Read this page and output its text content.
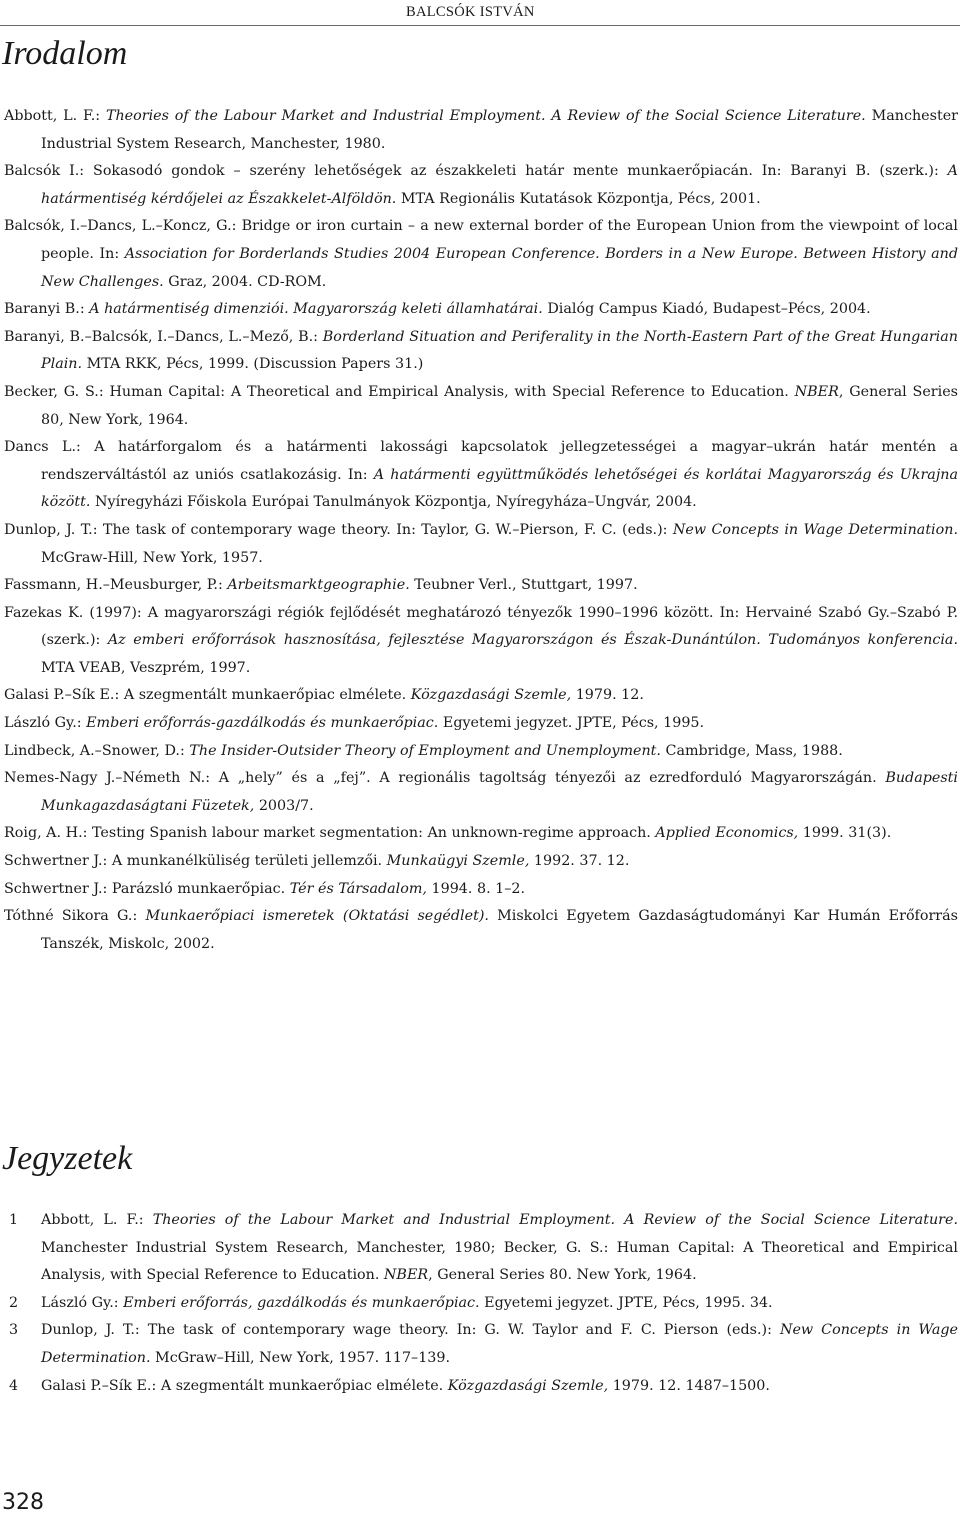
BALCSÓK ISTVÁN
Irodalom
Abbott, L. F.: Theories of the Labour Market and Industrial Employment. A Review of the Social Science Literature. Manchester Industrial System Research, Manchester, 1980.
Balcsók I.: Sokasodó gondok – szerény lehetőségek az északkeleti határ mente munkaerőpiacán. In: Baranyi B. (szerk.): A határmentiség kérdőjelei az Északkelet-Alföldön. MTA Regionális Kutatások Központja, Pécs, 2001.
Balcsók, I.–Dancs, L.–Koncz, G.: Bridge or iron curtain – a new external border of the European Union from the viewpoint of local people. In: Association for Borderlands Studies 2004 European Conference. Borders in a New Europe. Between History and New Challenges. Graz, 2004. CD-ROM.
Baranyi B.: A határmentiség dimenziói. Magyarország keleti államhatárai. Dialóg Campus Kiadó, Budapest–Pécs, 2004.
Baranyi, B.–Balcsók, I.–Dancs, L.–Mező, B.: Borderland Situation and Periferality in the North-Eastern Part of the Great Hungarian Plain. MTA RKK, Pécs, 1999. (Discussion Papers 31.)
Becker, G. S.: Human Capital: A Theoretical and Empirical Analysis, with Special Reference to Education. NBER, General Series 80, New York, 1964.
Dancs L.: A határforgalom és a határmenti lakossági kapcsolatok jellegzetességei a magyar–ukrán határ mentén a rendszerváltástól az uniós csatlakozásig. In: A határmenti együttműködés lehetőségei és korlátai Magyarország és Ukrajna között. Nyíregyházi Főiskola Európai Tanulmányok Központja, Nyíregyháza–Ungvár, 2004.
Dunlop, J. T.: The task of contemporary wage theory. In: Taylor, G. W.–Pierson, F. C. (eds.): New Concepts in Wage Determination. McGraw-Hill, New York, 1957.
Fassmann, H.–Meusburger, P.: Arbeitsmarktgeographie. Teubner Verl., Stuttgart, 1997.
Fazekas K. (1997): A magyarországi régiók fejlődését meghatározó tényezők 1990–1996 között. In: Hervainé Szabó Gy.–Szabó P. (szerk.): Az emberi erőforrások hasznosítása, fejlesztése Magyarországon és Észak-Dunántúlon. Tudományos konferencia. MTA VEAB, Veszprém, 1997.
Galasi P.–Sík E.: A szegmentált munkaerőpiac elmélete. Közgazdasági Szemle, 1979. 12.
László Gy.: Emberi erőforrás-gazdálkodás és munkaerőpiac. Egyetemi jegyzet. JPTE, Pécs, 1995.
Lindbeck, A.–Snower, D.: The Insider-Outsider Theory of Employment and Unemployment. Cambridge, Mass, 1988.
Nemes-Nagy J.–Németh N.: A „hely” és a „fej”. A regionális tagoltság tényezői az ezredforduló Magyarországán. Budapesti Munkagazdaságtani Füzetek, 2003/7.
Roig, A. H.: Testing Spanish labour market segmentation: An unknown-regime approach. Applied Economics, 1999. 31(3).
Schwertner J.: A munkanélküliség területi jellemzői. Munkaügyi Szemle, 1992. 37. 12.
Schwertner J.: Parázsló munkaerőpiac. Tér és Társadalom, 1994. 8. 1–2.
Tóthné Sikora G.: Munkaerőpiaci ismeretek (Oktatási segédlet). Miskolci Egyetem Gazdaságtudományi Kar Humán Erőforrás Tanszék, Miskolc, 2002.
Jegyzetek
1 Abbott, L. F.: Theories of the Labour Market and Industrial Employment. A Review of the Social Science Literature. Manchester Industrial System Research, Manchester, 1980; Becker, G. S.: Human Capital: A Theoretical and Empirical Analysis, with Special Reference to Education. NBER, General Series 80. New York, 1964.
2 László Gy.: Emberi erőforrás, gazdálkodás és munkaerőpiac. Egyetemi jegyzet. JPTE, Pécs, 1995. 34.
3 Dunlop, J. T.: The task of contemporary wage theory. In: G. W. Taylor and F. C. Pierson (eds.): New Concepts in Wage Determination. McGraw–Hill, New York, 1957. 117–139.
4 Galasi P.–Sík E.: A szegmentált munkaerőpiac elmélete. Közgazdasági Szemle, 1979. 12. 1487–1500.
328
